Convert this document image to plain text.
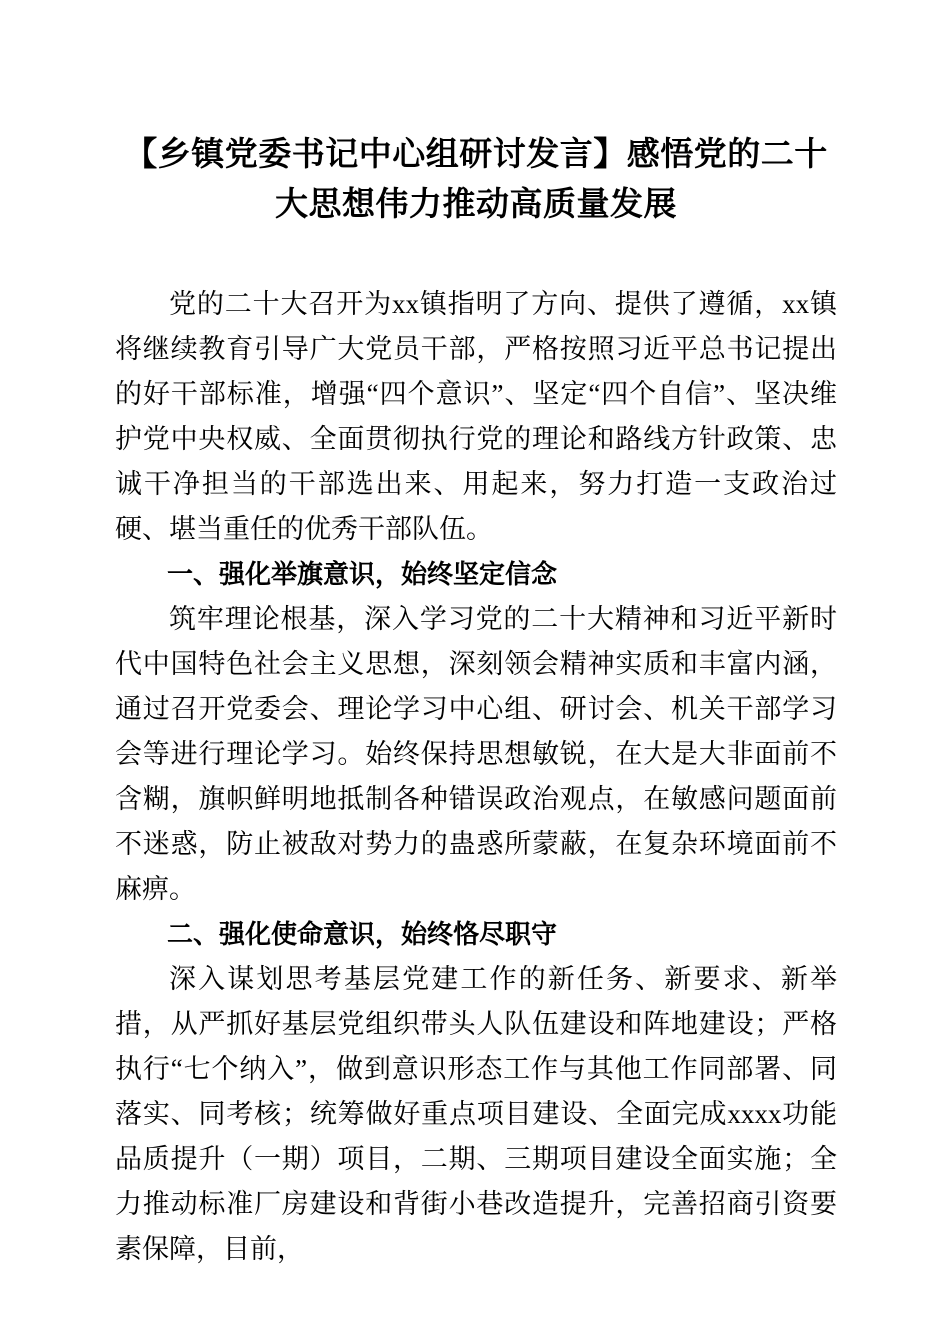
【乡镇党委书记中心组研讨发言】感悟党的二十大思想伟力推动高质量发展

党的二十大召开为xx镇指明了方向、提供了遵循，xx镇将继续教育引导广大党员干部，严格按照习近平总书记提出的好干部标准，增强“四个意识”、坚定“四个自信”、坚决维护党中央权威、全面贯彻执行党的理论和路线方针政策、忠诚干净担当的干部选出来、用起来，努力打造一支政治过硬、堪当重任的优秀干部队伍。

一、强化举旗意识，始终坚定信念

筑牢理论根基，深入学习党的二十大精神和习近平新时代中国特色社会主义思想，深刻领会精神实质和丰富内涵，通过召开党委会、理论学习中心组、研讨会、机关干部学习会等进行理论学习。始终保持思想敏锐，在大是大非面前不含糊，旗帜鲜明地抵制各种错误政治观点，在敏感问题面前不迷惑，防止被敌对势力的蛊惑所蒙蔽，在复杂环境面前不麻痹。

二、强化使命意识，始终恪尽职守

深入谋划思考基层党建工作的新任务、新要求、新举措，从严抓好基层党组织带头人队伍建设和阵地建设；严格执行“七个纳入”，做到意识形态工作与其他工作同部署、同落实、同考核；统筹做好重点项目建设、全面完成xxxx功能品质提升（一期）项目，二期、三期项目建设全面实施；全力推动标准厂房建设和背街小巷改造提升，完善招商引资要素保障，目前，
